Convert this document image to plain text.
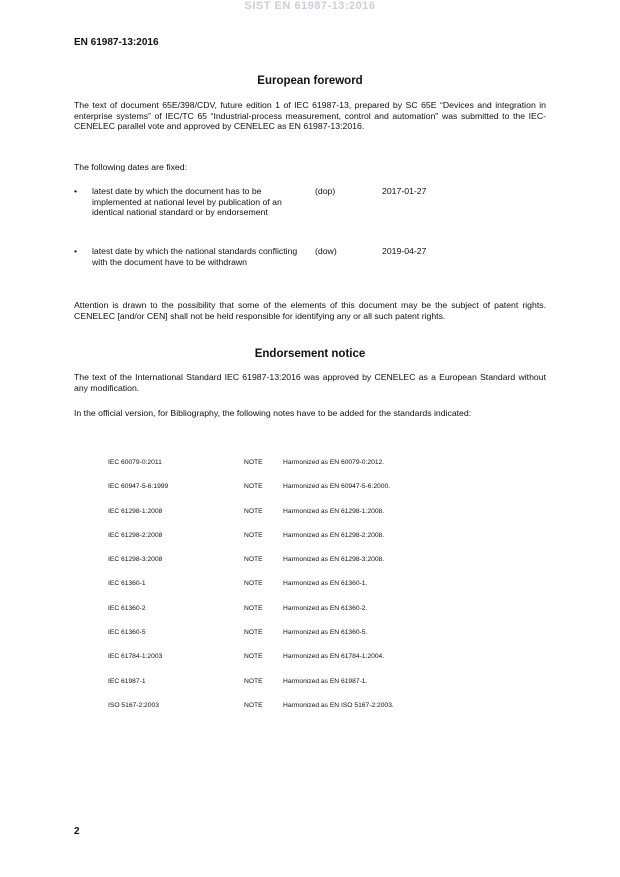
SIST EN 61987-13:2016
EN 61987-13:2016
European foreword
The text of document 65E/398/CDV, future edition 1 of IEC 61987-13, prepared by SC 65E “Devices and integration in enterprise systems” of IEC/TC 65 “Industrial-process measurement, control and automation" was submitted to the IEC-CENELEC parallel vote and approved by CENELEC as EN 61987-13:2016.
The following dates are fixed:
• latest date by which the document has to be implemented at national level by publication of an identical national standard or by endorsement
(dop)	2017-01-27
• latest date by which the national standards conflicting with the document have to be withdrawn
(dow)	2019-04-27
Attention is drawn to the possibility that some of the elements of this document may be the subject of patent rights. CENELEC [and/or CEN] shall not be held responsible for identifying any or all such patent rights.
Endorsement notice
The text of the International Standard IEC 61987-13:2016 was approved by CENELEC as a European Standard without any modification.
In the official version, for Bibliography, the following notes have to be added for the standards indicated:
IEC 60079-0:2011	NOTE	Harmonized as EN 60079-0:2012.
IEC 60947-5-6:1999	NOTE	Harmonized as EN 60947-5-6:2000.
IEC 61298-1:2008	NOTE	Harmonized as EN 61298-1:2008.
IEC 61298-2:2008	NOTE	Harmonized as EN 61298-2:2008.
IEC 61298-3:2008	NOTE	Harmonized as EN 61298-3:2008.
IEC 61360-1	NOTE	Harmonized as EN 61360-1.
IEC 61360-2	NOTE	Harmonized as EN 61360-2.
IEC 61360-5	NOTE	Harmonized as EN 61360-5.
IEC 61784-1:2003	NOTE	Harmonized as EN 61784-1:2004.
IEC 61987-1	NOTE	Harmonized as EN 61987-1.
ISO 5167-2:2003	NOTE	Harmonized as EN ISO 5167-2:2003.
2
